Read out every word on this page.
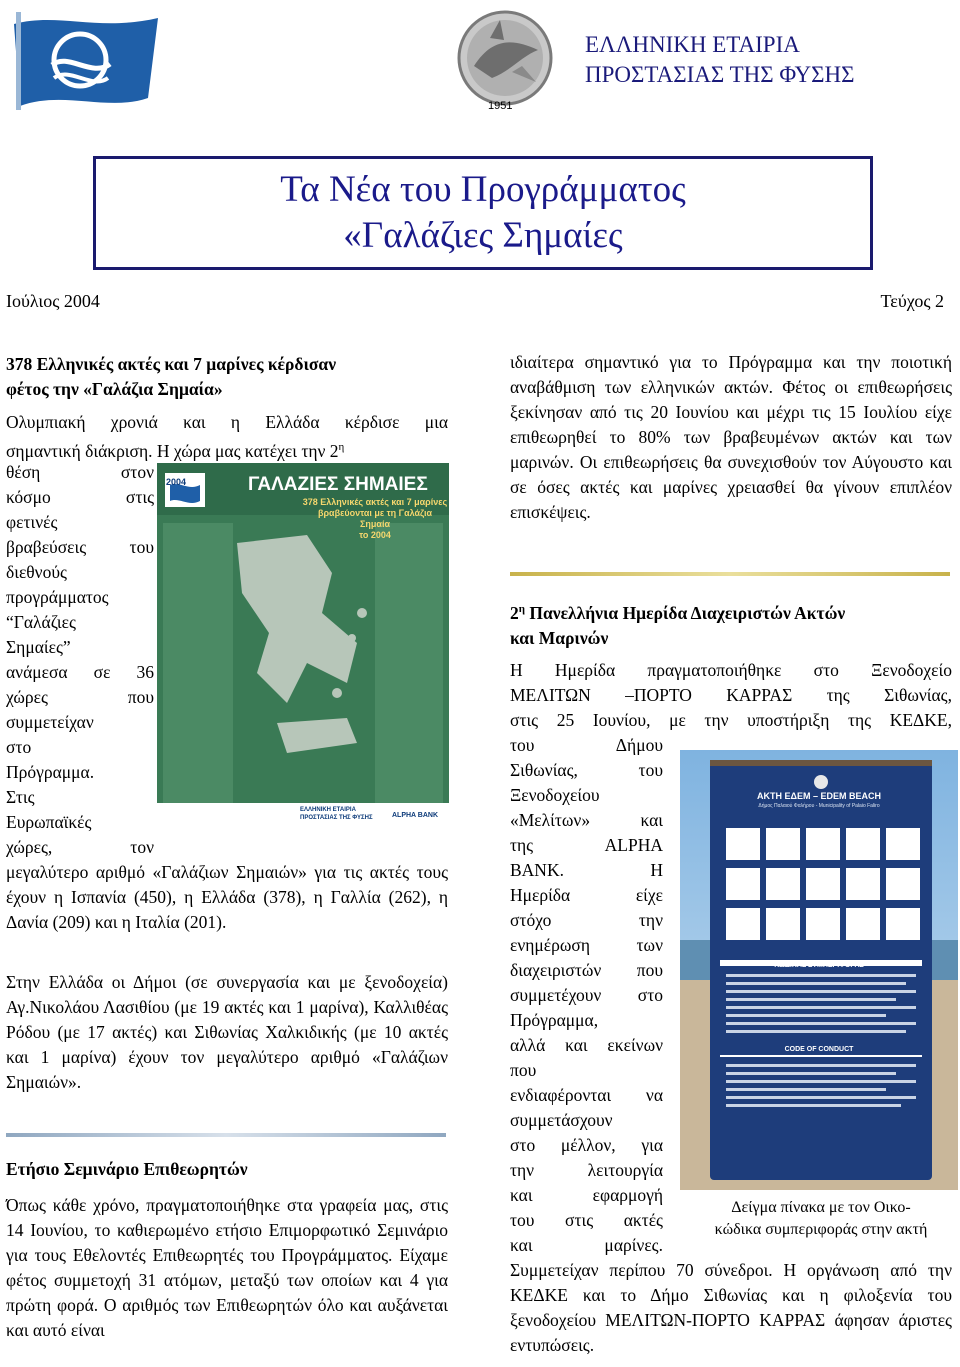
1951
ΕΛΛΗΝΙΚΗ ΕΤΑΙΡΙΑ
ΠΡΟΣΤΑΣΙΑΣ ΤΗΣ ΦΥΣΗΣ
Τα Νέα του Προγράμματος
«Γαλάζιες Σημαίες
Ιούλιος 2004	Τεύχος 2
378 Ελληνικές ακτές και 7 μαρίνες κέρδισαν
φέτος την «Γαλάζια Σημαία»
Ολυμπιακή χρονιά και η Ελλάδα κέρδισε μια
σημαντική διάκριση. Η χώρα μας κατέχει την $2^\eta$
θέση στον
κόσμο στις
φετινές
βραβεύσεις του
διεθνούς
προγράμματος
“Γαλάζιες
Σημαίες”
ανάμεσα σε 36
χώρες που
συμμετείχαν
στο
Πρόγραμμα.
Στις
Ευρωπαϊκές
χώρες, τον
2004	ΓΑΛΑΖΙΕΣ ΣΗΜΑΙΕΣ
378 Ελληνικές ακτές και 7 μαρίνες
βραβεύονται με τη Γαλάζια Σημαία
το 2004
ΕΛΛΗΝΙΚΗ ΕΤΑΙΡΙΑ ΠΡΟΣΤΑΣΙΑΣ ΤΗΣ ΦΥΣΗΣ	ALPHA BANK
μεγαλύτερο αριθμό «Γαλάζιων Σημαιών» για τις ακτές τους έχουν η Ισπανία (450), η Ελλάδα (378), η Γαλλία (262), η Δανία (209) και η Ιταλία (201).
Στην Ελλάδα οι Δήμοι (σε συνεργασία και με ξενοδοχεία) Αγ.Νικολάου Λασιθίου (με 19 ακτές και 1 μαρίνα), Καλλιθέας Ρόδου (με 17 ακτές) και Σιθωνίας Χαλκιδικής (με 10 ακτές και 1 μαρίνα) έχουν τον μεγαλύτερο αριθμό «Γαλάζιων Σημαιών».
Ετήσιο Σεμινάριο Επιθεωρητών
Όπως κάθε χρόνο, πραγματοποιήθηκε στα γραφεία μας, στις 14 Ιουνίου, το καθιερωμένο ετήσιο Επιμορφωτικό Σεμινάριο για τους Εθελοντές Επιθεωρητές του Προγράμματος. Είχαμε φέτος συμμετοχή 31 ατόμων, μεταξύ των οποίων και 4 για πρώτη φορά. Ο αριθμός των Επιθεωρητών όλο και αυξάνεται και αυτό είναι
ιδιαίτερα σημαντικό για το Πρόγραμμα και την ποιοτική αναβάθμιση των ελληνικών ακτών. Φέτος οι επιθεωρήσεις ξεκίνησαν από τις 20 Ιουνίου και μέχρι τις 15 Ιουλίου είχε επιθεωρηθεί το 80% των βραβευμένων ακτών και των μαρινών. Οι επιθεωρήσεις θα συνεχισθούν τον Αύγουστο και σε όσες ακτές και μαρίνες χρειασθεί θα γίνουν επιπλέον επισκέψεις.
$2^\eta$ Πανελλήνια Ημερίδα Διαχειριστών Ακτών
και Μαρινών
Η Ημερίδα πραγματοποιήθηκε στο Ξενοδοχείο
ΜΕΛΙΤΩΝ –ΠΟΡΤΟ ΚΑΡΡΑΣ της Σιθωνίας,
στις 25 Ιουνίου, με την υποστήριξη της ΚΕΔΚΕ,
του Δήμου
Σιθωνίας, του
Ξενοδοχείου
«Μελίτων» και
της ALPHA
BANK. Η
Ημερίδα είχε
στόχο την
ενημέρωση των
διαχειριστών που
συμμετέχουν στο
Πρόγραμμα,
αλλά και εκείνων
που
ενδιαφέρονται να
συμμετάσχουν
στο μέλλον, για
την λειτουργία
και εφαρμογή
του στις ακτές
και μαρίνες.
ΑΚΤΗ ΕΔΕΜ – EDEM BEACH
Δήμος Παλαιού Φαλήρου - Municipality of Palaio Faliro
ΚΩΔΙΚΑΣ ΣΥΜΠΕΡΙΦΟΡΑΣ
CODE OF CONDUCT
Δείγμα πίνακα με τον Οικο-
κώδικα συμπεριφοράς στην ακτή
Συμμετείχαν περίπου 70 σύνεδροι. Η οργάνωση από την ΚΕΔΚΕ και το Δήμο Σιθωνίας και η φιλοξενία του ξενοδοχείου ΜΕΛΙΤΩΝ-ΠΟΡΤΟ ΚΑΡΡΑΣ άφησαν άριστες εντυπώσεις.
